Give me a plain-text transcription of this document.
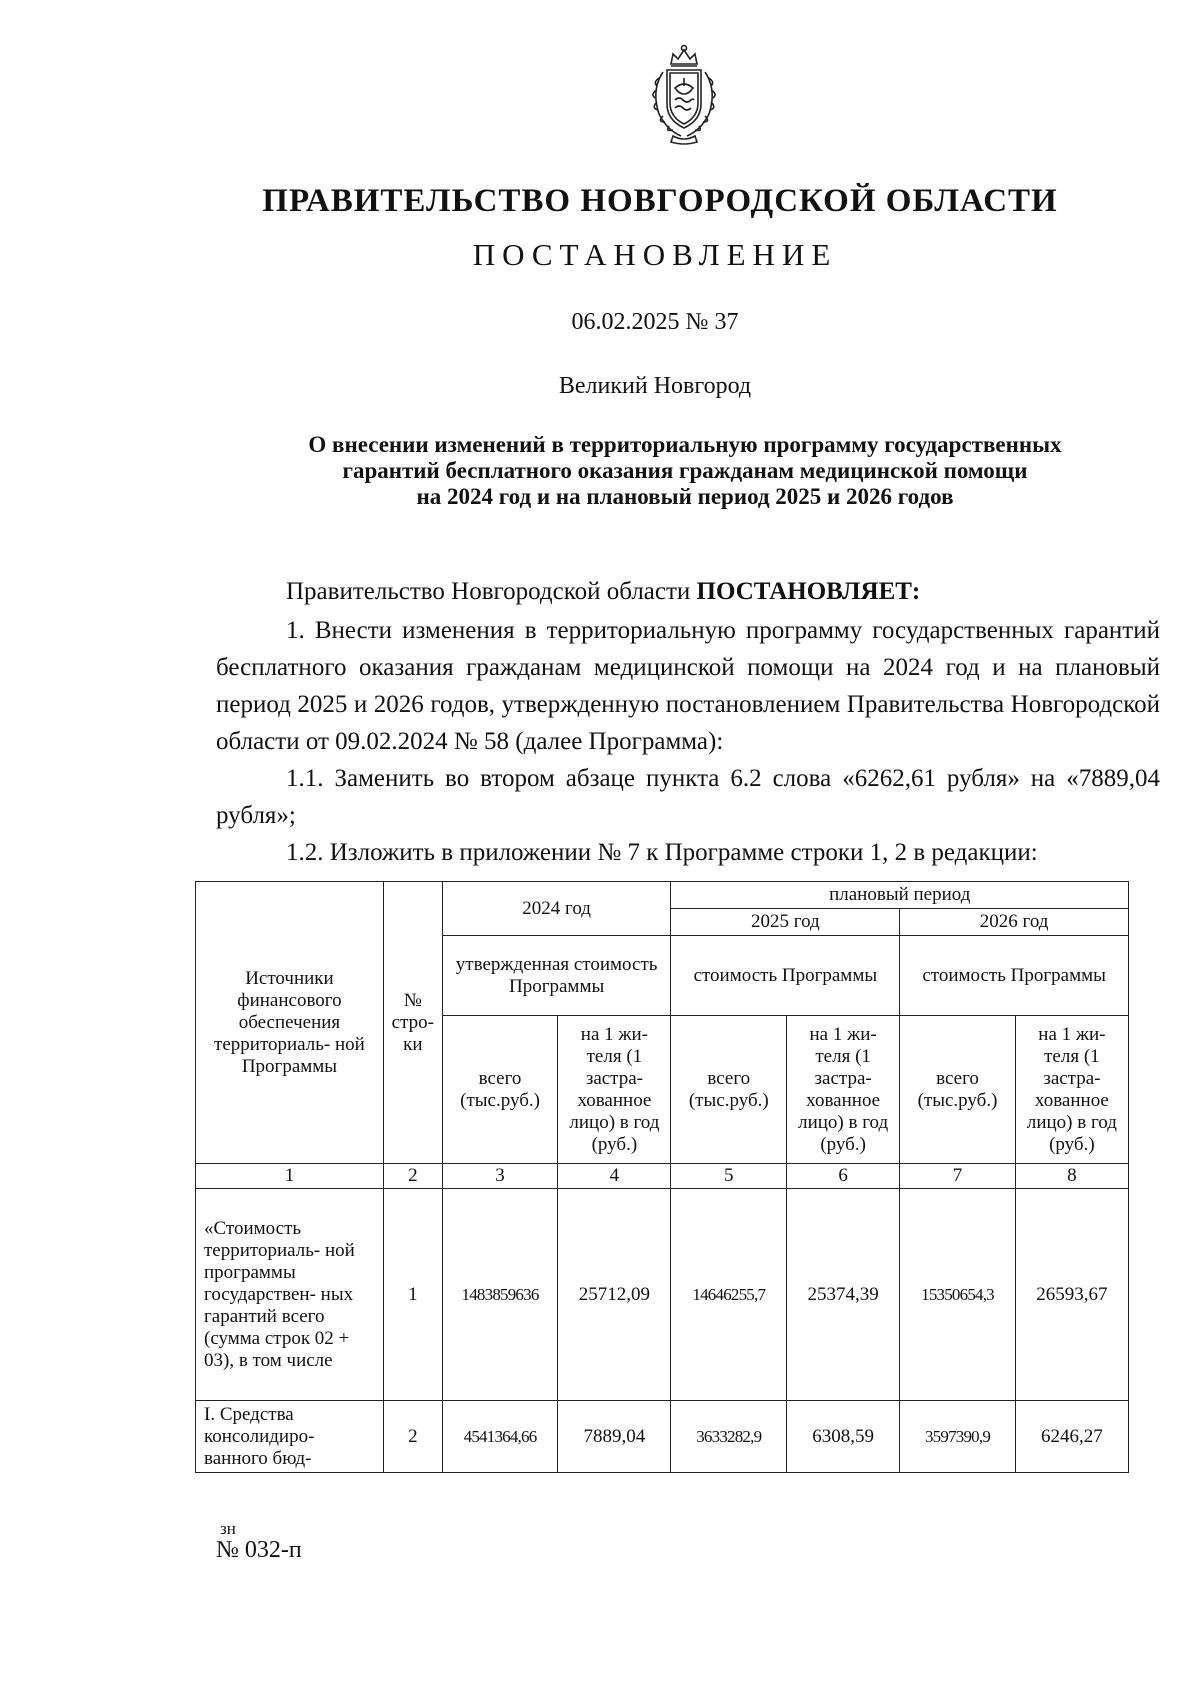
ПРАВИТЕЛЬСТВО НОВГОРОДСКОЙ ОБЛАСТИ
ПОСТАНОВЛЕНИЕ
06.02.2025 № 37
Великий Новгород
О внесении изменений в территориальную программу государственных
гарантий бесплатного оказания гражданам медицинской помощи
на 2024 год и на плановый период 2025 и 2026 годов

Правительство Новгородской области ПОСТАНОВЛЯЕТ:

1. Внести изменения в территориальную программу государственных гарантий бесплатного оказания гражданам медицинской помощи на 2024 год и на плановый период 2025 и 2026 годов, утвержденную постановлением Правительства Новгородской области от 09.02.2024 № 58 (далее Программа):

1.1. Заменить во втором абзаце пункта 6.2 слова «6262,61 рубля» на «7889,04 рубля»;

1.2. Изложить в приложении № 7 к Программе строки 1, 2 в редакции:

Источники финансового обеспечения территориаль- ной Программы	№ стро- ки	2024 год		плановый период			
				2025 год		2026 год	
		утвержденная стоимость Программы		стоимость Программы		стоимость Программы	
		всего (тыс.руб.)	на 1 жи- теля (1 застра- хованное лицо) в год (руб.)	всего (тыс.руб.)	на 1 жи- теля (1 застра- хованное лицо) в год (руб.)	всего (тыс.руб.)	на 1 жи- теля (1 застра- хованное лицо) в год (руб.)
1	2	3	4	5	6	7	8
«Стоимость территориаль- ной программы государствен- ных гарантий всего (сумма строк 02 + 03), в том числе	1	1483859636	25712,09	14646255,7	25374,39	15350654,3	26593,67
I. Средства консолидиро- ванного бюд-	2	4541364,66	7889,04	3633282,9	6308,59	3597390,9	6246,27
зн
№ 032-п
